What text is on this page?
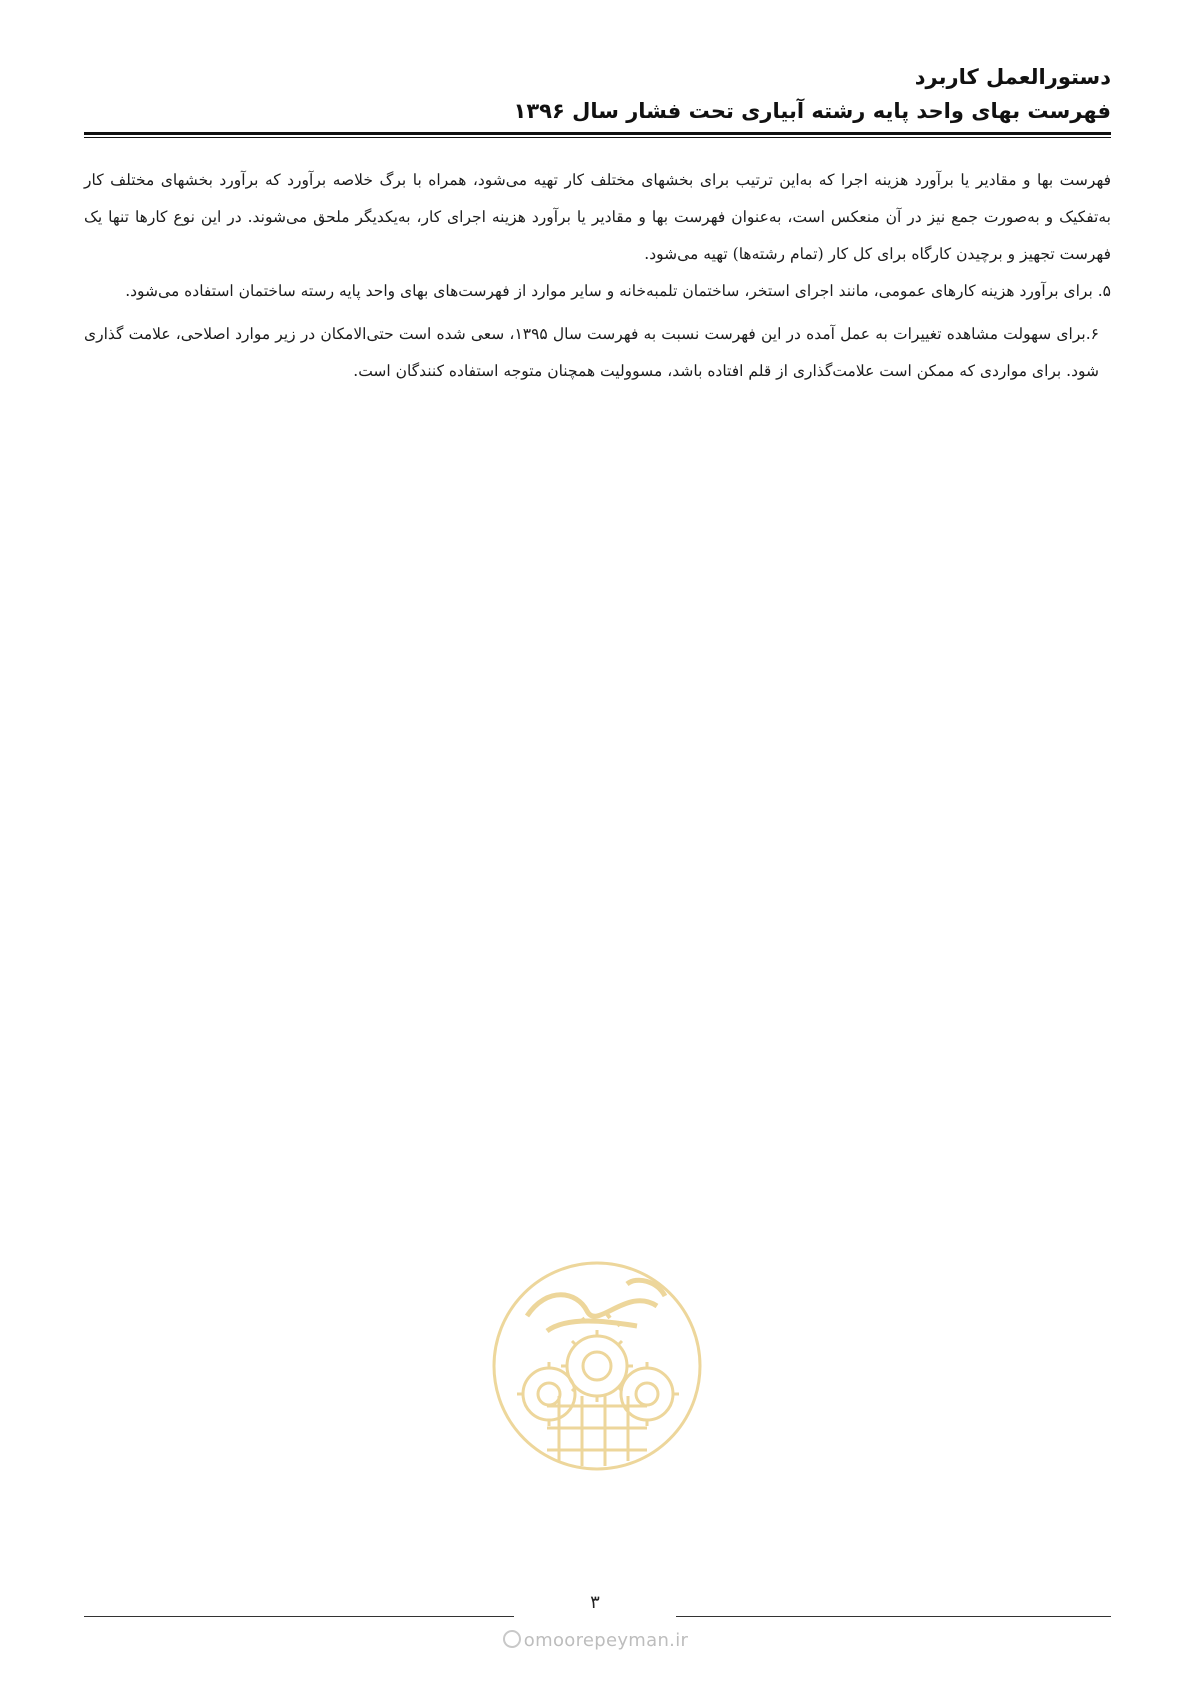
دستورالعمل کاربرد
فهرست بهای واحد پایه رشته آبیاری تحت فشار سال ۱۳۹۶

فهرست بها و مقادیر یا برآورد هزینه اجرا که به‌این ترتیب برای بخشهای مختلف کار تهیه می‌شود، همراه با برگ خلاصه برآورد که برآورد بخشهای مختلف کار به‌تفکیک و به‌صورت جمع نیز در آن منعکس است، به‌عنوان فهرست بها و مقادیر یا برآورد هزینه اجرای کار، به‌یکدیگر ملحق می‌شوند. در این نوع کارها تنها یک فهرست تجهیز و برچیدن کارگاه برای کل کار (تمام رشته‌ها) تهیه می‌شود.

۵. برای برآورد هزینه کارهای عمومی، مانند اجرای استخر، ساختمان تلمبه‌خانه و سایر موارد از فهرست‌های بهای واحد پایه رسته ساختمان استفاده می‌شود.

۶.برای سهولت مشاهده تغییرات به عمل آمده در این فهرست نسبت به فهرست سال ۱۳۹۵، سعی شده است حتی‌الامکان در زیر موارد اصلاحی، علامت گذاری شود. برای مواردی که ممکن است علامت‌گذاری از قلم افتاده باشد، مسوولیت همچنان متوجه استفاده کنندگان است.

۳
omoorepeyman.ir
